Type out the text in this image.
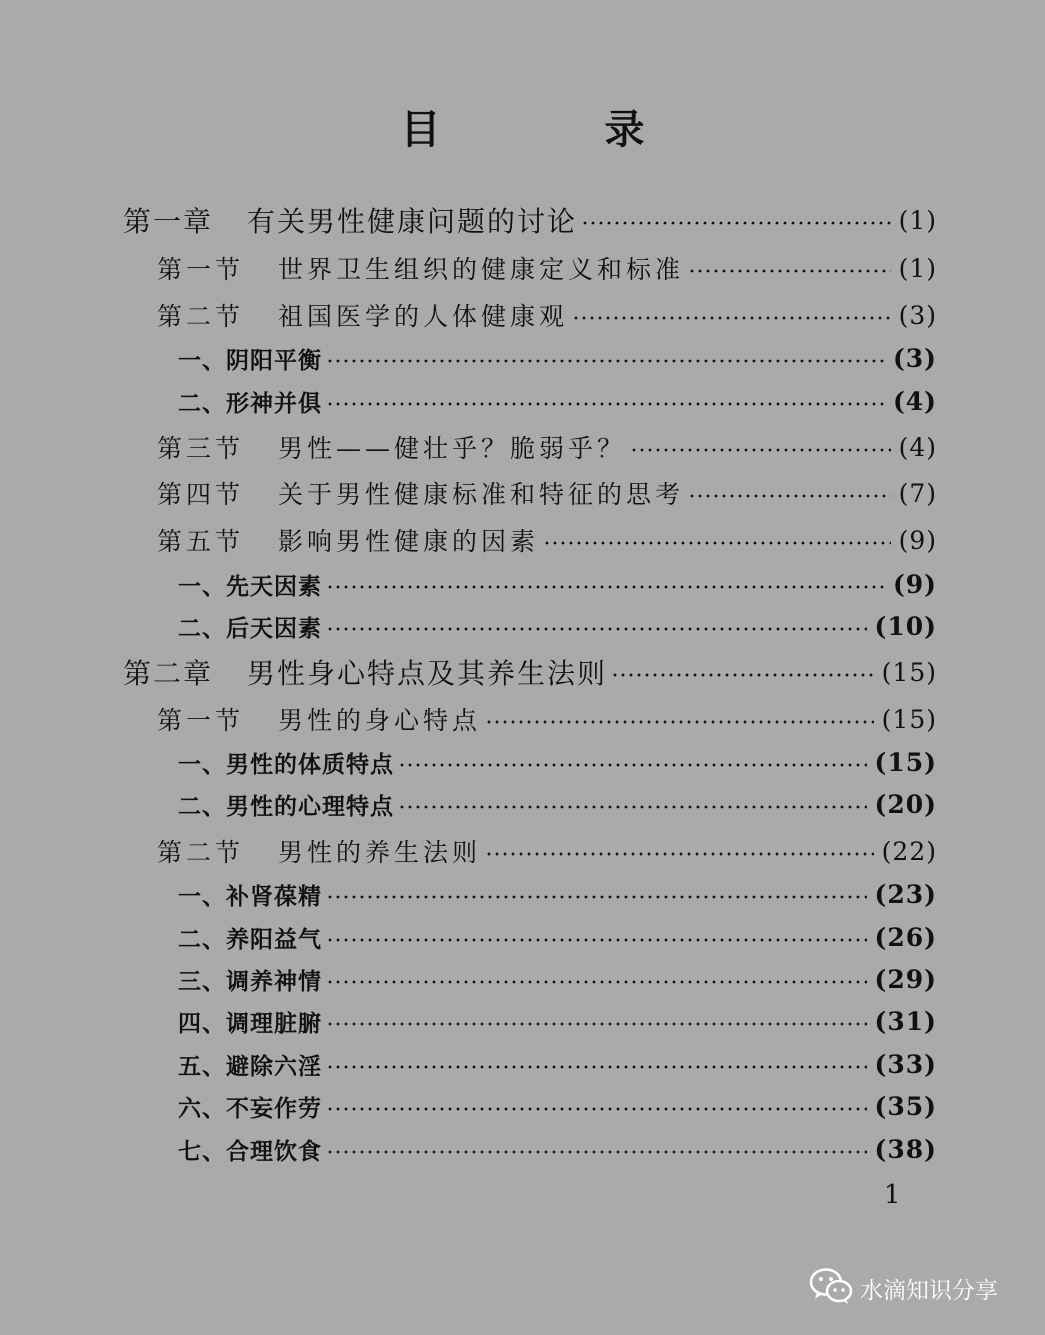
目　录
第一章 有关男性健康问题的讨论	(1)
第一节 世界卫生组织的健康定义和标准	(1)
第二节 祖国医学的人体健康观	(3)
一、阴阳平衡	(3)
二、形神并俱	(4)
第三节 男性——健壮乎？脆弱乎？	(4)
第四节 关于男性健康标准和特征的思考	(7)
第五节 影响男性健康的因素	(9)
一、先天因素	(9)
二、后天因素	(10)
第二章 男性身心特点及其养生法则	(15)
第一节 男性的身心特点	(15)
一、男性的体质特点	(15)
二、男性的心理特点	(20)
第二节 男性的养生法则	(22)
一、补肾葆精	(23)
二、养阳益气	(26)
三、调养神情	(29)
四、调理脏腑	(31)
五、避除六淫	(33)
六、不妄作劳	(35)
七、合理饮食	(38)
1
水滴知识分享
